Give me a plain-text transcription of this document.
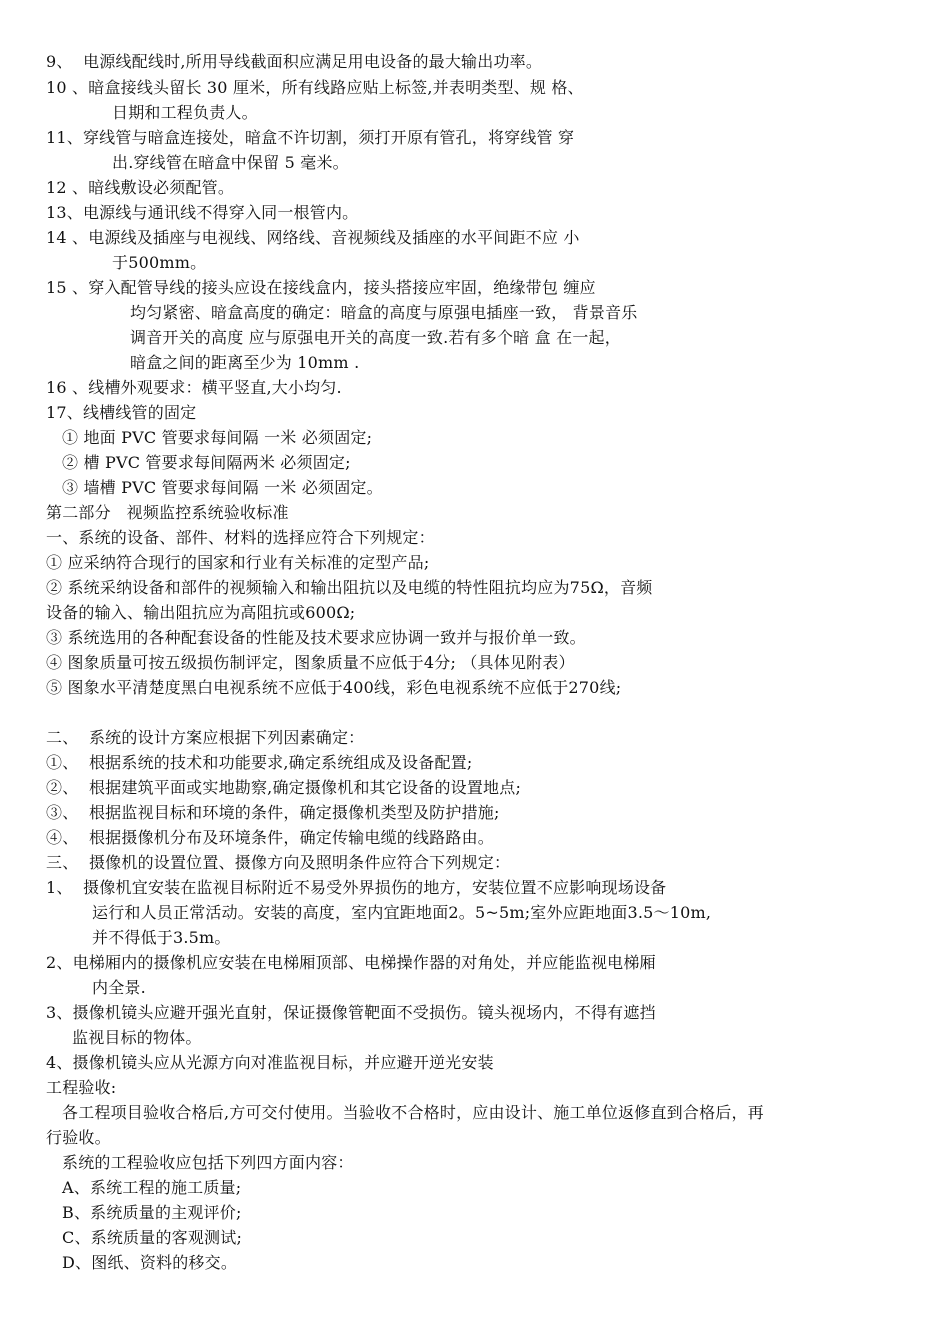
9、  电源线配线时,所用导线截面积应满足用电设备的最大输出功率。
10 、暗盒接线头留长 30 厘米，所有线路应贴上标签,并表明类型、规 格、
日期和工程负责人。
11、穿线管与暗盒连接处，暗盒不许切割，须打开原有管孔，将穿线管 穿
出.穿线管在暗盒中保留 5 毫米。
12 、暗线敷设必须配管。
13、电源线与通讯线不得穿入同一根管内。
14 、电源线及插座与电视线、网络线、音视频线及插座的水平间距不应 小
于500mm。
15 、穿入配管导线的接头应设在接线盒内，接头搭接应牢固，绝缘带包 缠应
均匀紧密、暗盒高度的确定：暗盒的高度与原强电插座一致， 背景音乐
调音开关的高度 应与原强电开关的高度一致.若有多个暗 盒 在一起，
暗盒之间的距离至少为 10mm .
16 、线槽外观要求：横平竖直,大小均匀.
17、线槽线管的固定
① 地面 PVC 管要求每间隔 一米 必须固定;
② 槽 PVC 管要求每间隔两米 必须固定;
③ 墙槽 PVC 管要求每间隔 一米 必须固定。
第二部分   视频监控系统验收标准
一、系统的设备、部件、材料的选择应符合下列规定：
① 应采纳符合现行的国家和行业有关标准的定型产品;
② 系统采纳设备和部件的视频输入和输出阻抗以及电缆的特性阻抗均应为75Ω，音频
设备的输入、输出阻抗应为高阻抗或600Ω;
③ 系统选用的各种配套设备的性能及技术要求应协调一致并与报价单一致。
④ 图象质量可按五级损伤制评定，图象质量不应低于4分; （具体见附表）
⑤ 图象水平清楚度黑白电视系统不应低于400线，彩色电视系统不应低于270线;
二、  系统的设计方案应根据下列因素确定：
①、  根据系统的技术和功能要求,确定系统组成及设备配置;
②、  根据建筑平面或实地勘察,确定摄像机和其它设备的设置地点;
③、  根据监视目标和环境的条件，确定摄像机类型及防护措施;
④、  根据摄像机分布及环境条件，确定传输电缆的线路路由。
三、  摄像机的设置位置、摄像方向及照明条件应符合下列规定：
1、  摄像机宜安装在监视目标附近不易受外界损伤的地方，安装位置不应影响现场设备
运行和人员正常活动。安装的高度，室内宜距地面2。5~5m;室外应距地面3.5～10m,
并不得低于3.5m。
2、电梯厢内的摄像机应安装在电梯厢顶部、电梯操作器的对角处，并应能监视电梯厢
内全景.
3、摄像机镜头应避开强光直射，保证摄像管靶面不受损伤。镜头视场内，不得有遮挡
监视目标的物体。
4、摄像机镜头应从光源方向对准监视目标，并应避开逆光安装
工程验收:
各工程项目验收合格后,方可交付使用。当验收不合格时，应由设计、施工单位返修直到合格后，再
行验收。
系统的工程验收应包括下列四方面内容：
A、系统工程的施工质量;
B、系统质量的主观评价;
C、系统质量的客观测试;
D、图纸、资料的移交。
